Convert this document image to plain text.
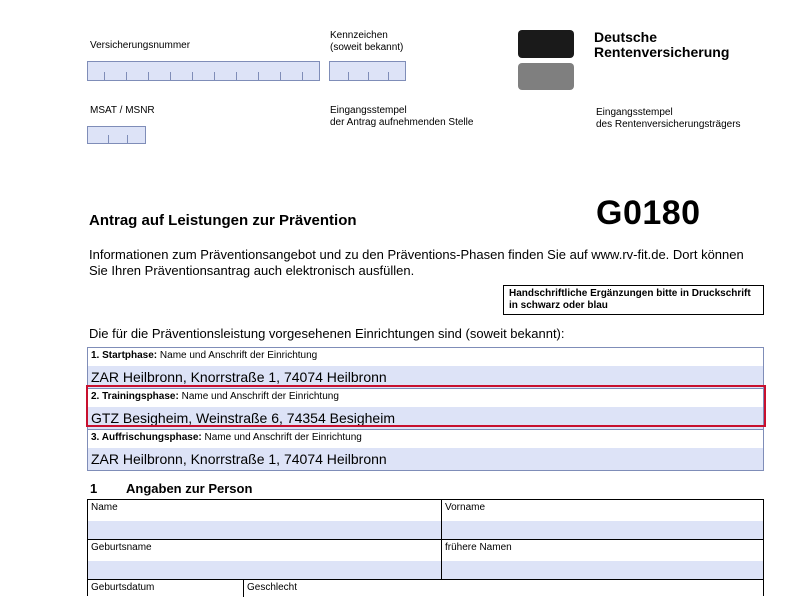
Versicherungsnummer
Kennzeichen
(soweit bekannt)
MSAT / MSNR	Eingangsstempel
der Antrag aufnehmenden Stelle
Eingangsstempel
des Rentenversicherungsträgers
Deutsche
Rentenversicherung
Antrag auf Leistungen zur Prävention	G0180
Informationen zum Präventionsangebot und zu den Präventions-Phasen finden Sie auf www.rv-fit.de. Dort können
Sie Ihren Präventionsantrag auch elektronisch ausfüllen.
Handschriftliche Ergänzungen bitte in Druckschrift
in schwarz oder blau
Die für die Präventionsleistung vorgesehenen Einrichtungen sind (soweit bekannt):
1. Startphase: Name und Anschrift der Einrichtung
ZAR Heilbronn, Knorrstraße 1, 74074 Heilbronn
2. Trainingsphase: Name und Anschrift der Einrichtung
GTZ Besigheim, Weinstraße 6, 74354 Besigheim
3. Auffrischungsphase: Name und Anschrift der Einrichtung
ZAR Heilbronn, Knorrstraße 1, 74074 Heilbronn
1 Angaben zur Person
Name	Vorname
Geburtsname	frühere Namen
Geburtsdatum	Geschlecht
